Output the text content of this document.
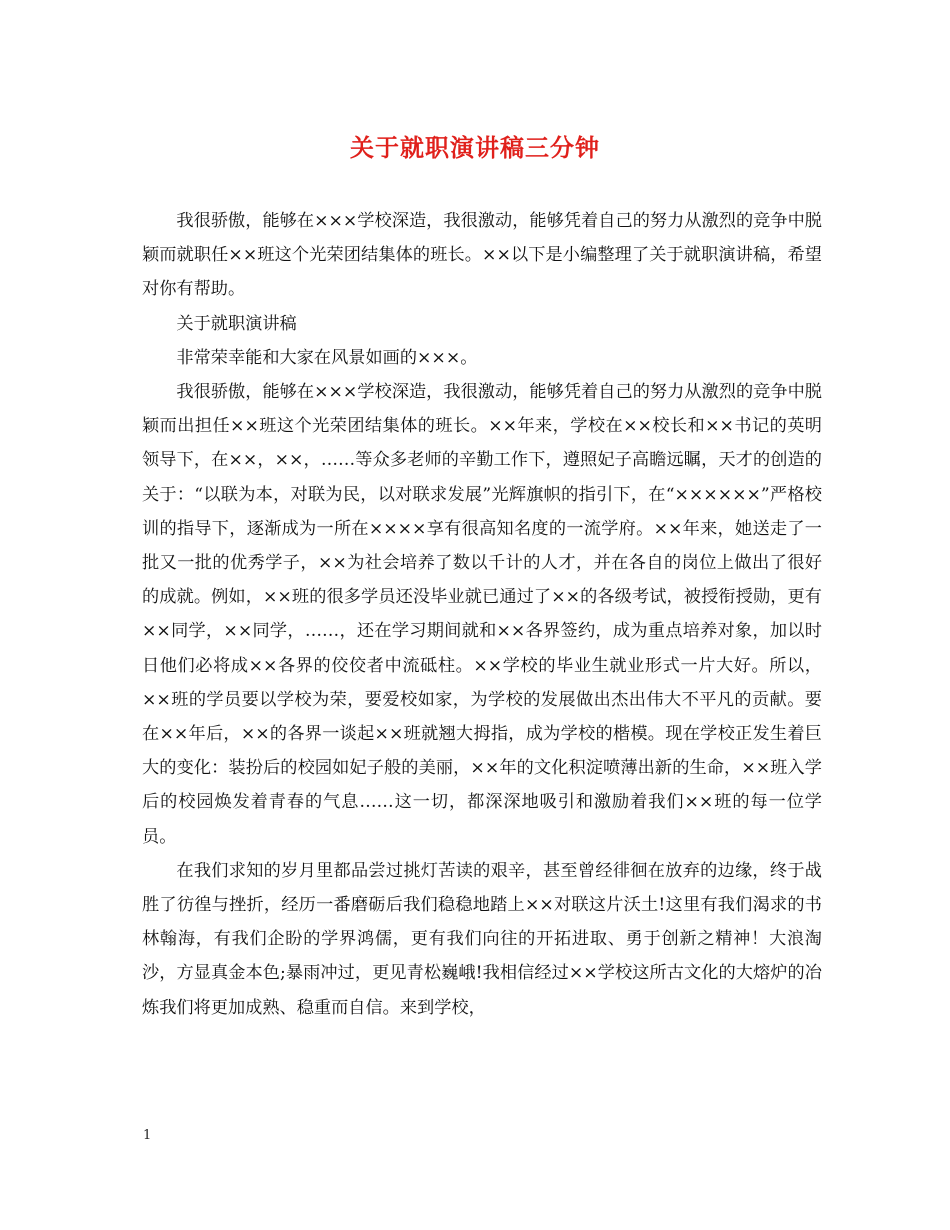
关于就职演讲稿三分钟

我很骄傲，能够在×××学校深造，我很激动，能够凭着自己的努力从激烈的竞争中脱颖而就职任××班这个光荣团结集体的班长。××以下是小编整理了关于就职演讲稿，希望对你有帮助。

关于就职演讲稿

非常荣幸能和大家在风景如画的×××。

我很骄傲，能够在×××学校深造，我很激动，能够凭着自己的努力从激烈的竞争中脱颖而出担任××班这个光荣团结集体的班长。××年来，学校在××校长和××书记的英明领导下，在××，××，……等众多老师的辛勤工作下，遵照妃子高瞻远瞩，天才的创造的关于：“以联为本，对联为民，以对联求发展”光辉旗帜的指引下，在“××××××”严格校训的指导下，逐渐成为一所在××××享有很高知名度的一流学府。××年来，她送走了一批又一批的优秀学子，××为社会培养了数以千计的人才，并在各自的岗位上做出了很好的成就。例如，××班的很多学员还没毕业就已通过了××的各级考试，被授衔授勋，更有××同学，××同学，……，还在学习期间就和××各界签约，成为重点培养对象，加以时日他们必将成××各界的佼佼者中流砥柱。××学校的毕业生就业形式一片大好。所以，××班的学员要以学校为荣，要爱校如家，为学校的发展做出杰出伟大不平凡的贡献。要在××年后，××的各界一谈起××班就翘大拇指，成为学校的楷模。现在学校正发生着巨大的变化：装扮后的校园如妃子般的美丽，××年的文化积淀喷薄出新的生命，××班入学后的校园焕发着青春的气息……这一切，都深深地吸引和激励着我们××班的每一位学员。

在我们求知的岁月里都品尝过挑灯苦读的艰辛，甚至曾经徘徊在放弃的边缘，终于战胜了彷徨与挫折，经历一番磨砺后我们稳稳地踏上××对联这片沃土!这里有我们渴求的书林翰海，有我们企盼的学界鸿儒，更有我们向往的开拓进取、勇于创新之精神！大浪淘沙，方显真金本色;暴雨冲过，更见青松巍峨!我相信经过××学校这所古文化的大熔炉的冶炼我们将更加成熟、稳重而自信。来到学校，

1
